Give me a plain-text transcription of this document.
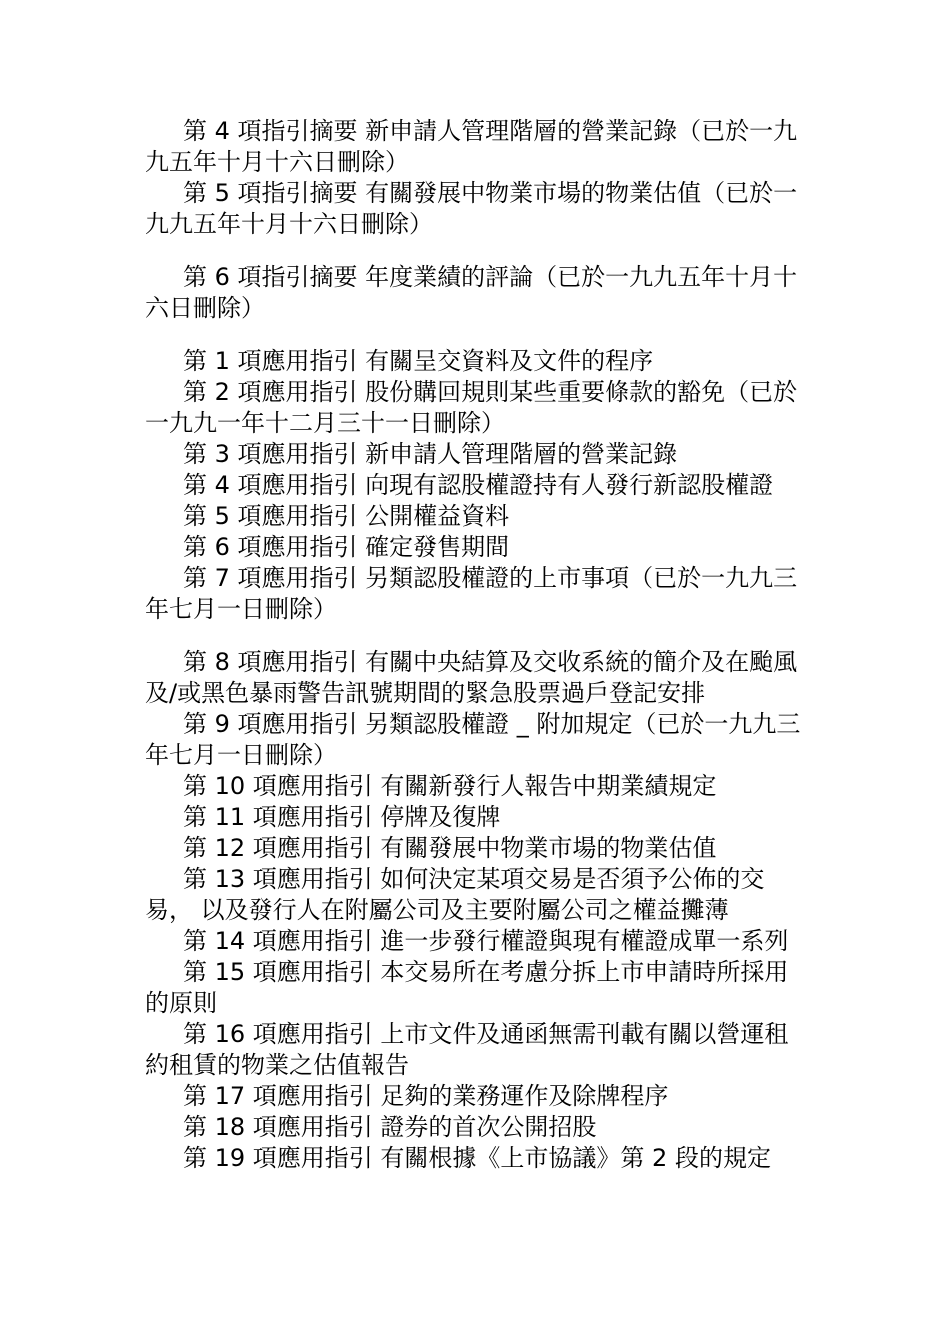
第 4 項指引摘要 新申請人管理階層的營業記錄（已於一九九五年十月十六日刪除）

第 5 項指引摘要 有關發展中物業市場的物業估值（已於一九九五年十月十六日刪除）

第 6 項指引摘要 年度業績的評論（已於一九九五年十月十六日刪除）

第 1 項應用指引 有關呈交資料及文件的程序

第 2 項應用指引 股份購回規則某些重要條款的豁免（已於一九九一年十二月三十一日刪除）

第 3 項應用指引 新申請人管理階層的營業記錄

第 4 項應用指引 向現有認股權證持有人發行新認股權證

第 5 項應用指引 公開權益資料

第 6 項應用指引 確定發售期間

第 7 項應用指引 另類認股權證的上市事項（已於一九九三年七月一日刪除）

第 8 項應用指引 有關中央結算及交收系統的簡介及在颱風及/或黑色暴雨警告訊號期間的緊急股票過戶登記安排

第 9 項應用指引 另類認股權證 _ 附加規定（已於一九九三年七月一日刪除）

第 10 項應用指引 有關新發行人報告中期業績規定

第 11 項應用指引 停牌及復牌

第 12 項應用指引 有關發展中物業市場的物業估值

第 13 項應用指引 如何決定某項交易是否須予公佈的交易， 以及發行人在附屬公司及主要附屬公司之權益攤薄

第 14 項應用指引 進一步發行權證與現有權證成單一系列

第 15 項應用指引 本交易所在考慮分拆上市申請時所採用的原則

第 16 項應用指引 上市文件及通函無需刊載有關以營運租約租賃的物業之估值報告

第 17 項應用指引 足夠的業務運作及除牌程序

第 18 項應用指引 證券的首次公開招股

第 19 項應用指引 有關根據《上市協議》第 2 段的規定
